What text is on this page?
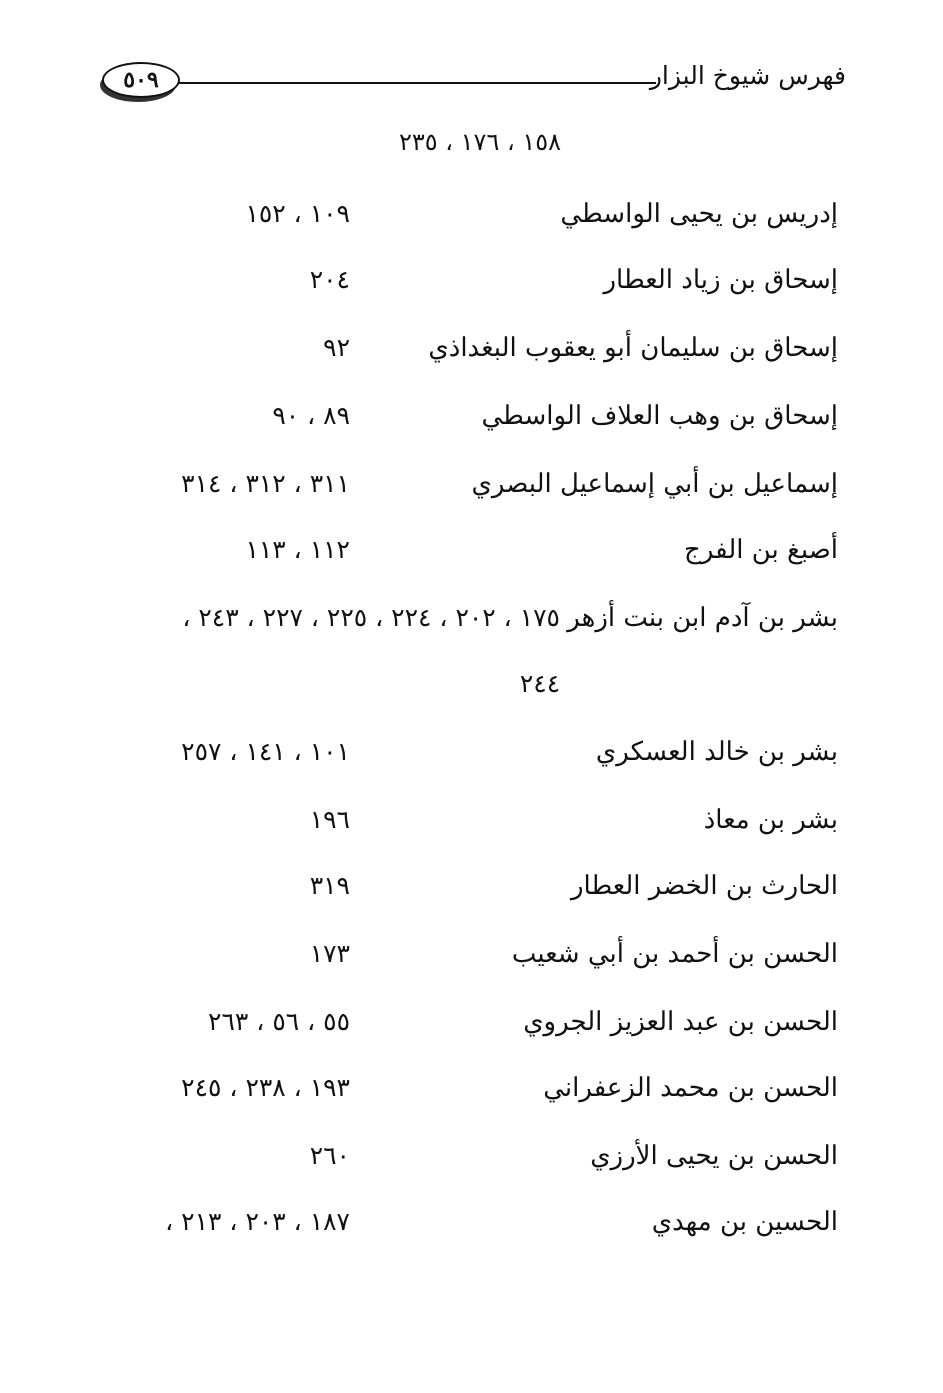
فهرس شيوخ البزار
٥٠٩
١٥٨ ، ١٧٦ ، ٢٣٥
إدريس بن يحيى الواسطي
١٠٩ ، ١٥٢
إسحاق بن زياد العطار
٢٠٤
إسحاق بن سليمان أبو يعقوب البغداذي
٩٢
إسحاق بن وهب العلاف الواسطي
٨٩ ، ٩٠
إسماعيل بن أبي إسماعيل البصري
٣١١ ، ٣١٢ ، ٣١٤
أصبغ بن الفرج
١١٢ ، ١١٣
بشر بن آدم ابن بنت أزهر
١٧٥ ، ٢٠٢ ، ٢٢٤ ، ٢٢٥ ، ٢٢٧ ، ٢٤٣ ،
٢٤٤
بشر بن خالد العسكري
١٠١ ، ١٤١ ، ٢٥٧
بشر بن معاذ
١٩٦
الحارث بن الخضر العطار
٣١٩
الحسن بن أحمد بن أبي شعيب
١٧٣
الحسن بن عبد العزيز الجروي
٥٥ ، ٥٦ ، ٢٦٣
الحسن بن محمد الزعفراني
١٩٣ ، ٢٣٨ ، ٢٤٥
الحسن بن يحيى الأرزي
٢٦٠
الحسين بن مهدي
١٨٧ ، ٢٠٣ ، ٢١٣ ،
